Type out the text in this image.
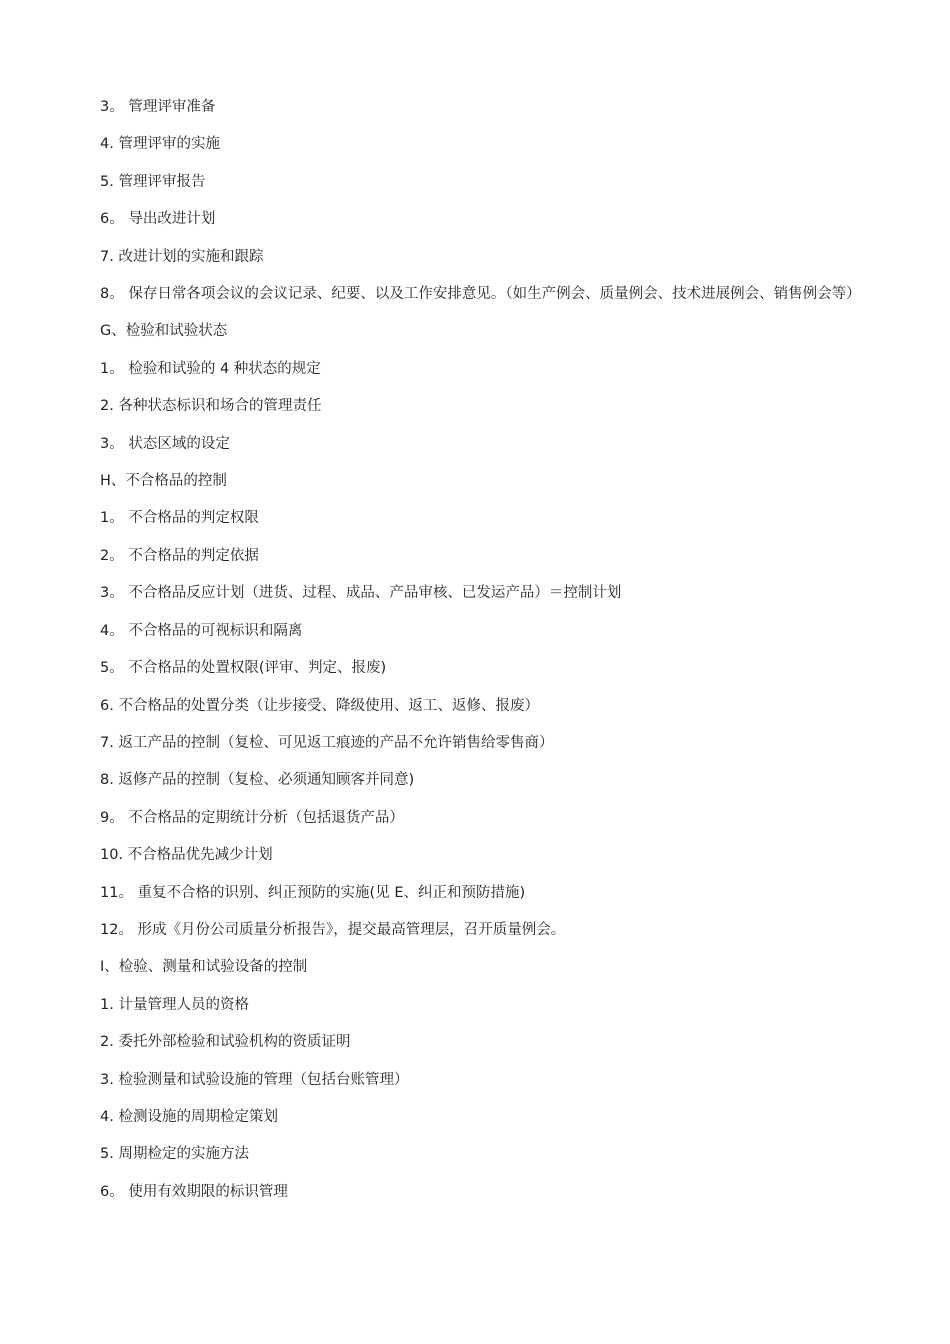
3。 管理评审准备

4. 管理评审的实施

5. 管理评审报告

6。 导出改进计划

7. 改进计划的实施和跟踪

8。 保存日常各项会议的会议记录、纪要、以及工作安排意见。（如生产例会、质量例会、技术进展例会、销售例会等）

G、检验和试验状态

1。 检验和试验的 4 种状态的规定

2. 各种状态标识和场合的管理责任

3。 状态区域的设定

H、不合格品的控制

1。 不合格品的判定权限

2。 不合格品的判定依据

3。 不合格品反应计划（进货、过程、成品、产品审核、已发运产品）＝控制计划

4。 不合格品的可视标识和隔离

5。 不合格品的处置权限(评审、判定、报废)

6. 不合格品的处置分类（让步接受、降级使用、返工、返修、报废）

7. 返工产品的控制（复检、可见返工痕迹的产品不允许销售给零售商）

8. 返修产品的控制（复检、必须通知顾客并同意)

9。 不合格品的定期统计分析（包括退货产品）

10. 不合格品优先减少计划

11。 重复不合格的识别、纠正预防的实施(见 E、纠正和预防措施)

12。 形成《月份公司质量分析报告》，提交最高管理层，召开质量例会。

I、检验、测量和试验设备的控制

1. 计量管理人员的资格

2. 委托外部检验和试验机构的资质证明

3. 检验测量和试验设施的管理（包括台账管理）

4. 检测设施的周期检定策划

5. 周期检定的实施方法

6。 使用有效期限的标识管理
